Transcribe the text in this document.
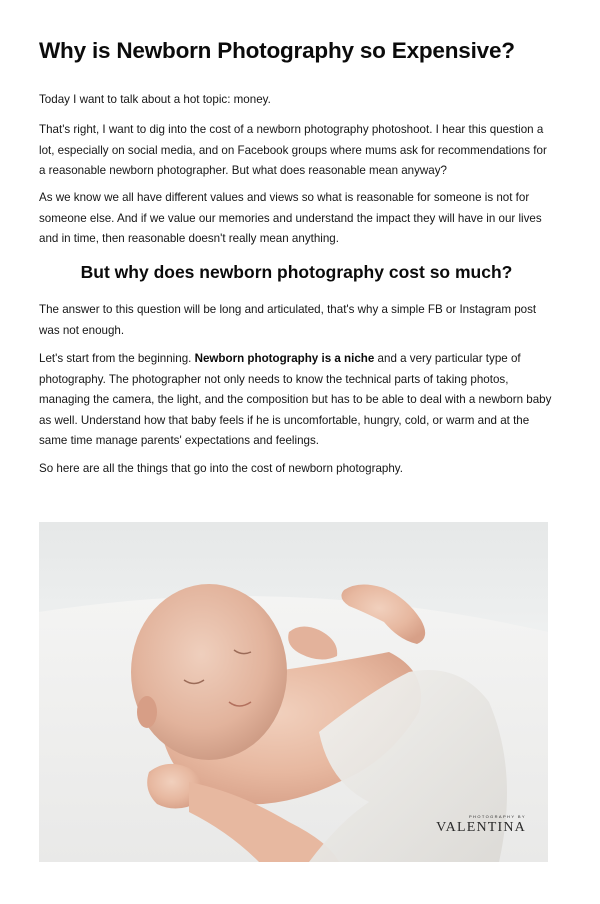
Why is Newborn Photography so Expensive?

Today I want to talk about a hot topic: money.

That's right, I want to dig into the cost of a newborn photography photoshoot. I hear this question a lot, especially on social media, and on Facebook groups where mums ask for recommendations for a reasonable newborn photographer. But what does reasonable mean anyway?

As we know we all have different values and views so what is reasonable for someone is not for someone else. And if we value our memories and understand the impact they will have in our lives and in time, then reasonable doesn't really mean anything.

But why does newborn photography cost so much?

The answer to this question will be long and articulated, that's why a simple FB or Instagram post was not enough.

Let's start from the beginning. Newborn photography is a niche and a very particular type of photography. The photographer not only needs to know the technical parts of taking photos, managing the camera, the light, and the composition but has to be able to deal with a newborn baby as well. Understand how that baby feels if he is uncomfortable, hungry, cold, or warm and at the same time manage parents' expectations and feelings.

So here are all the things that go into the cost of newborn photography.

PHOTOGRAPHY BY
VALENTINA
